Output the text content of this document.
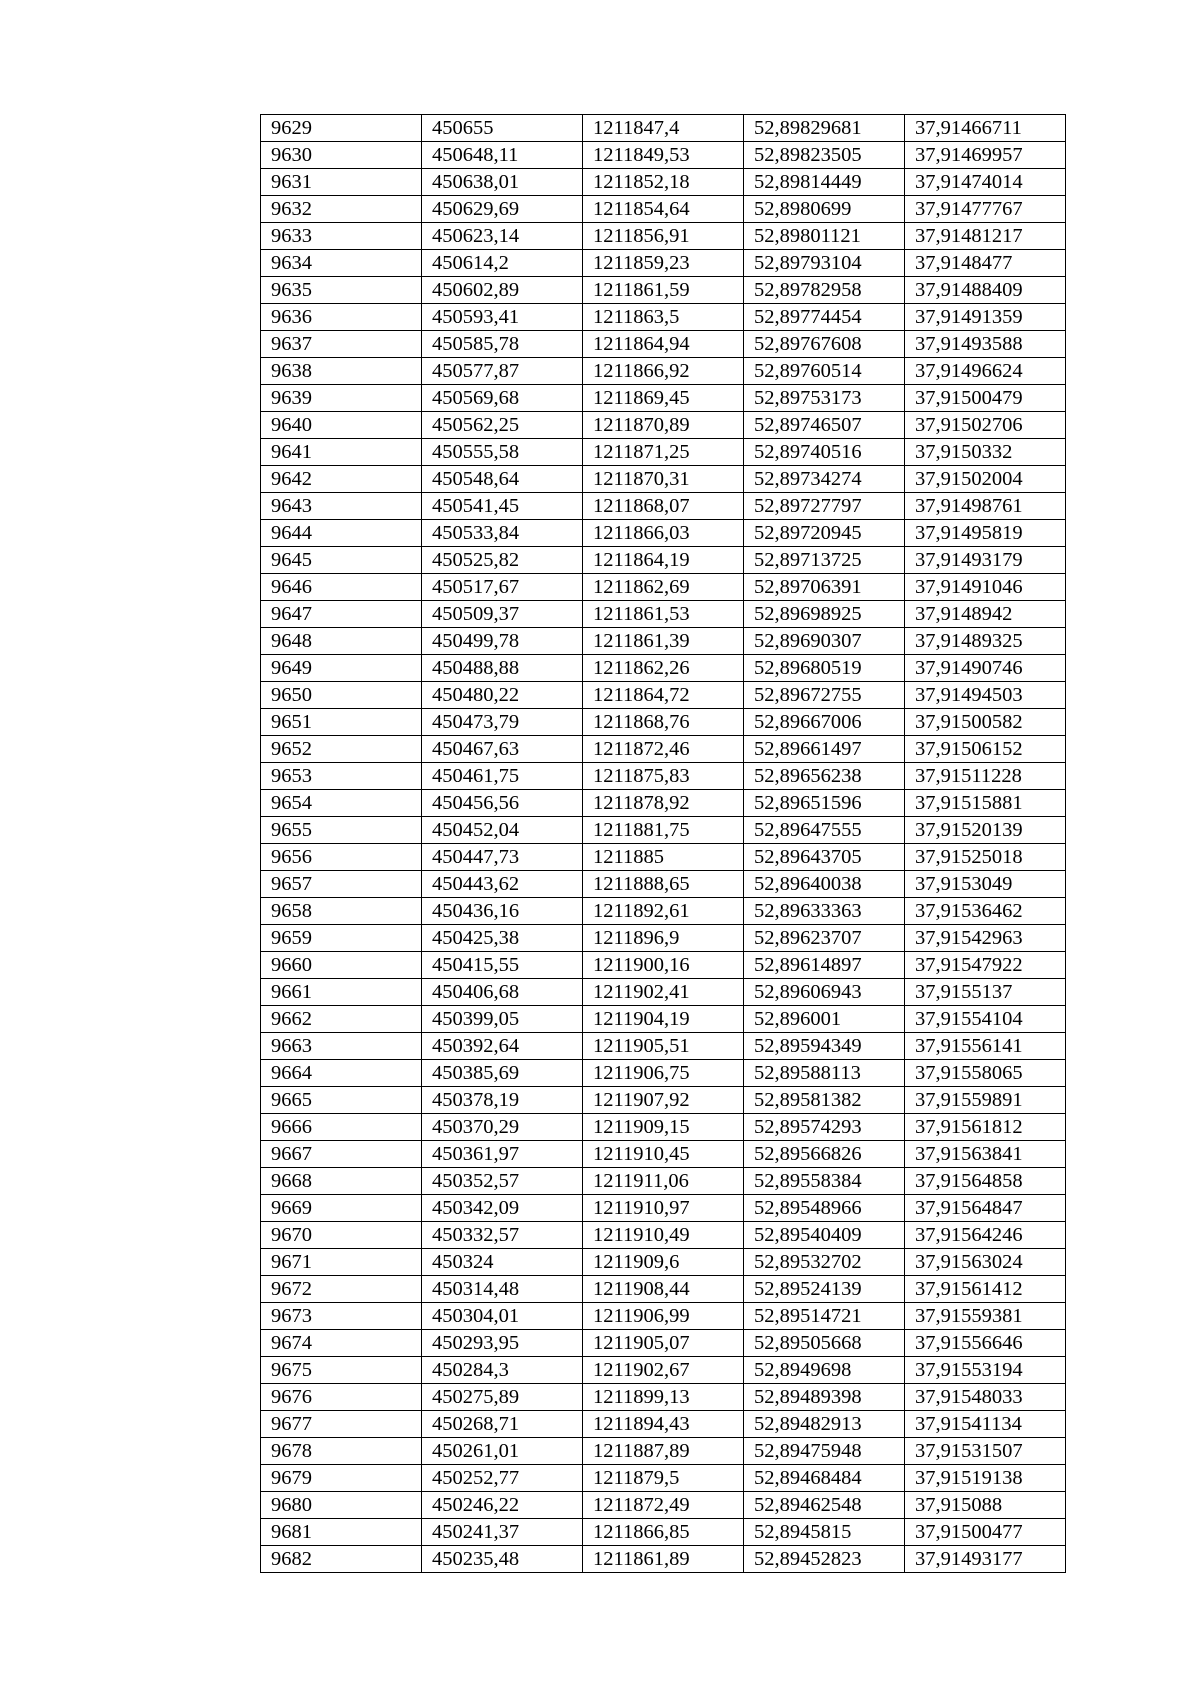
9629	450655	1211847,4	52,89829681	37,91466711
9630	450648,11	1211849,53	52,89823505	37,91469957
9631	450638,01	1211852,18	52,89814449	37,91474014
9632	450629,69	1211854,64	52,8980699	37,91477767
9633	450623,14	1211856,91	52,89801121	37,91481217
9634	450614,2	1211859,23	52,89793104	37,9148477
9635	450602,89	1211861,59	52,89782958	37,91488409
9636	450593,41	1211863,5	52,89774454	37,91491359
9637	450585,78	1211864,94	52,89767608	37,91493588
9638	450577,87	1211866,92	52,89760514	37,91496624
9639	450569,68	1211869,45	52,89753173	37,91500479
9640	450562,25	1211870,89	52,89746507	37,91502706
9641	450555,58	1211871,25	52,89740516	37,9150332
9642	450548,64	1211870,31	52,89734274	37,91502004
9643	450541,45	1211868,07	52,89727797	37,91498761
9644	450533,84	1211866,03	52,89720945	37,91495819
9645	450525,82	1211864,19	52,89713725	37,91493179
9646	450517,67	1211862,69	52,89706391	37,91491046
9647	450509,37	1211861,53	52,89698925	37,9148942
9648	450499,78	1211861,39	52,89690307	37,91489325
9649	450488,88	1211862,26	52,89680519	37,91490746
9650	450480,22	1211864,72	52,89672755	37,91494503
9651	450473,79	1211868,76	52,89667006	37,91500582
9652	450467,63	1211872,46	52,89661497	37,91506152
9653	450461,75	1211875,83	52,89656238	37,91511228
9654	450456,56	1211878,92	52,89651596	37,91515881
9655	450452,04	1211881,75	52,89647555	37,91520139
9656	450447,73	1211885	52,89643705	37,91525018
9657	450443,62	1211888,65	52,89640038	37,9153049
9658	450436,16	1211892,61	52,89633363	37,91536462
9659	450425,38	1211896,9	52,89623707	37,91542963
9660	450415,55	1211900,16	52,89614897	37,91547922
9661	450406,68	1211902,41	52,89606943	37,9155137
9662	450399,05	1211904,19	52,896001	37,91554104
9663	450392,64	1211905,51	52,89594349	37,91556141
9664	450385,69	1211906,75	52,89588113	37,91558065
9665	450378,19	1211907,92	52,89581382	37,91559891
9666	450370,29	1211909,15	52,89574293	37,91561812
9667	450361,97	1211910,45	52,89566826	37,91563841
9668	450352,57	1211911,06	52,89558384	37,91564858
9669	450342,09	1211910,97	52,89548966	37,91564847
9670	450332,57	1211910,49	52,89540409	37,91564246
9671	450324	1211909,6	52,89532702	37,91563024
9672	450314,48	1211908,44	52,89524139	37,91561412
9673	450304,01	1211906,99	52,89514721	37,91559381
9674	450293,95	1211905,07	52,89505668	37,91556646
9675	450284,3	1211902,67	52,8949698	37,91553194
9676	450275,89	1211899,13	52,89489398	37,91548033
9677	450268,71	1211894,43	52,89482913	37,91541134
9678	450261,01	1211887,89	52,89475948	37,91531507
9679	450252,77	1211879,5	52,89468484	37,91519138
9680	450246,22	1211872,49	52,89462548	37,915088
9681	450241,37	1211866,85	52,8945815	37,91500477
9682	450235,48	1211861,89	52,89452823	37,91493177
